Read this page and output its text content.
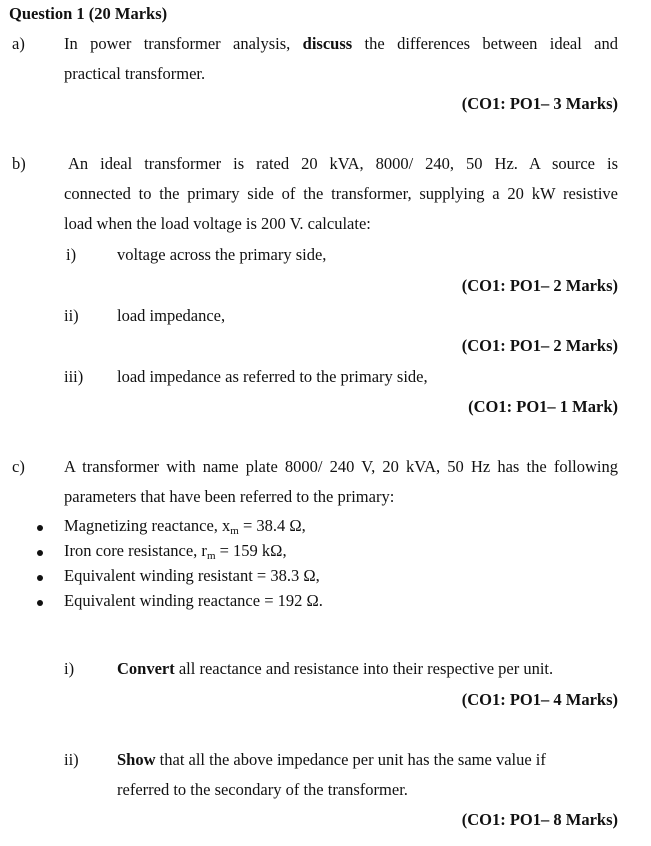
Question 1 (20 Marks)
a) In power transformer analysis, discuss the differences between ideal and
practical transformer.
(CO1: PO1– 3 Marks)
b)	An ideal transformer is rated 20 kVA, 8000/ 240, 50 Hz. A source is
connected to the primary side of the transformer, supplying a 20 kW resistive
load when the load voltage is 200 V. calculate:
i) voltage across the primary side,
(CO1: PO1– 2 Marks)
ii) load impedance,
(CO1: PO1– 2 Marks)
iii) load impedance as referred to the primary side,
(CO1: PO1– 1 Mark)
c) A transformer with name plate 8000/ 240 V, 20 kVA, 50 Hz has the following
parameters that have been referred to the primary:
Magnetizing reactance, $x_m = 38.4$ Ω,
Iron core resistance, $r_m = 159$ kΩ,
Equivalent winding resistant = 38.3 Ω,
Equivalent winding reactance = 192 Ω.
i)	Convert all reactance and resistance into their respective per unit.
(CO1: PO1– 4 Marks)
ii) Show that all the above impedance per unit has the same value if
referred to the secondary of the transformer.
(CO1: PO1– 8 Marks)
